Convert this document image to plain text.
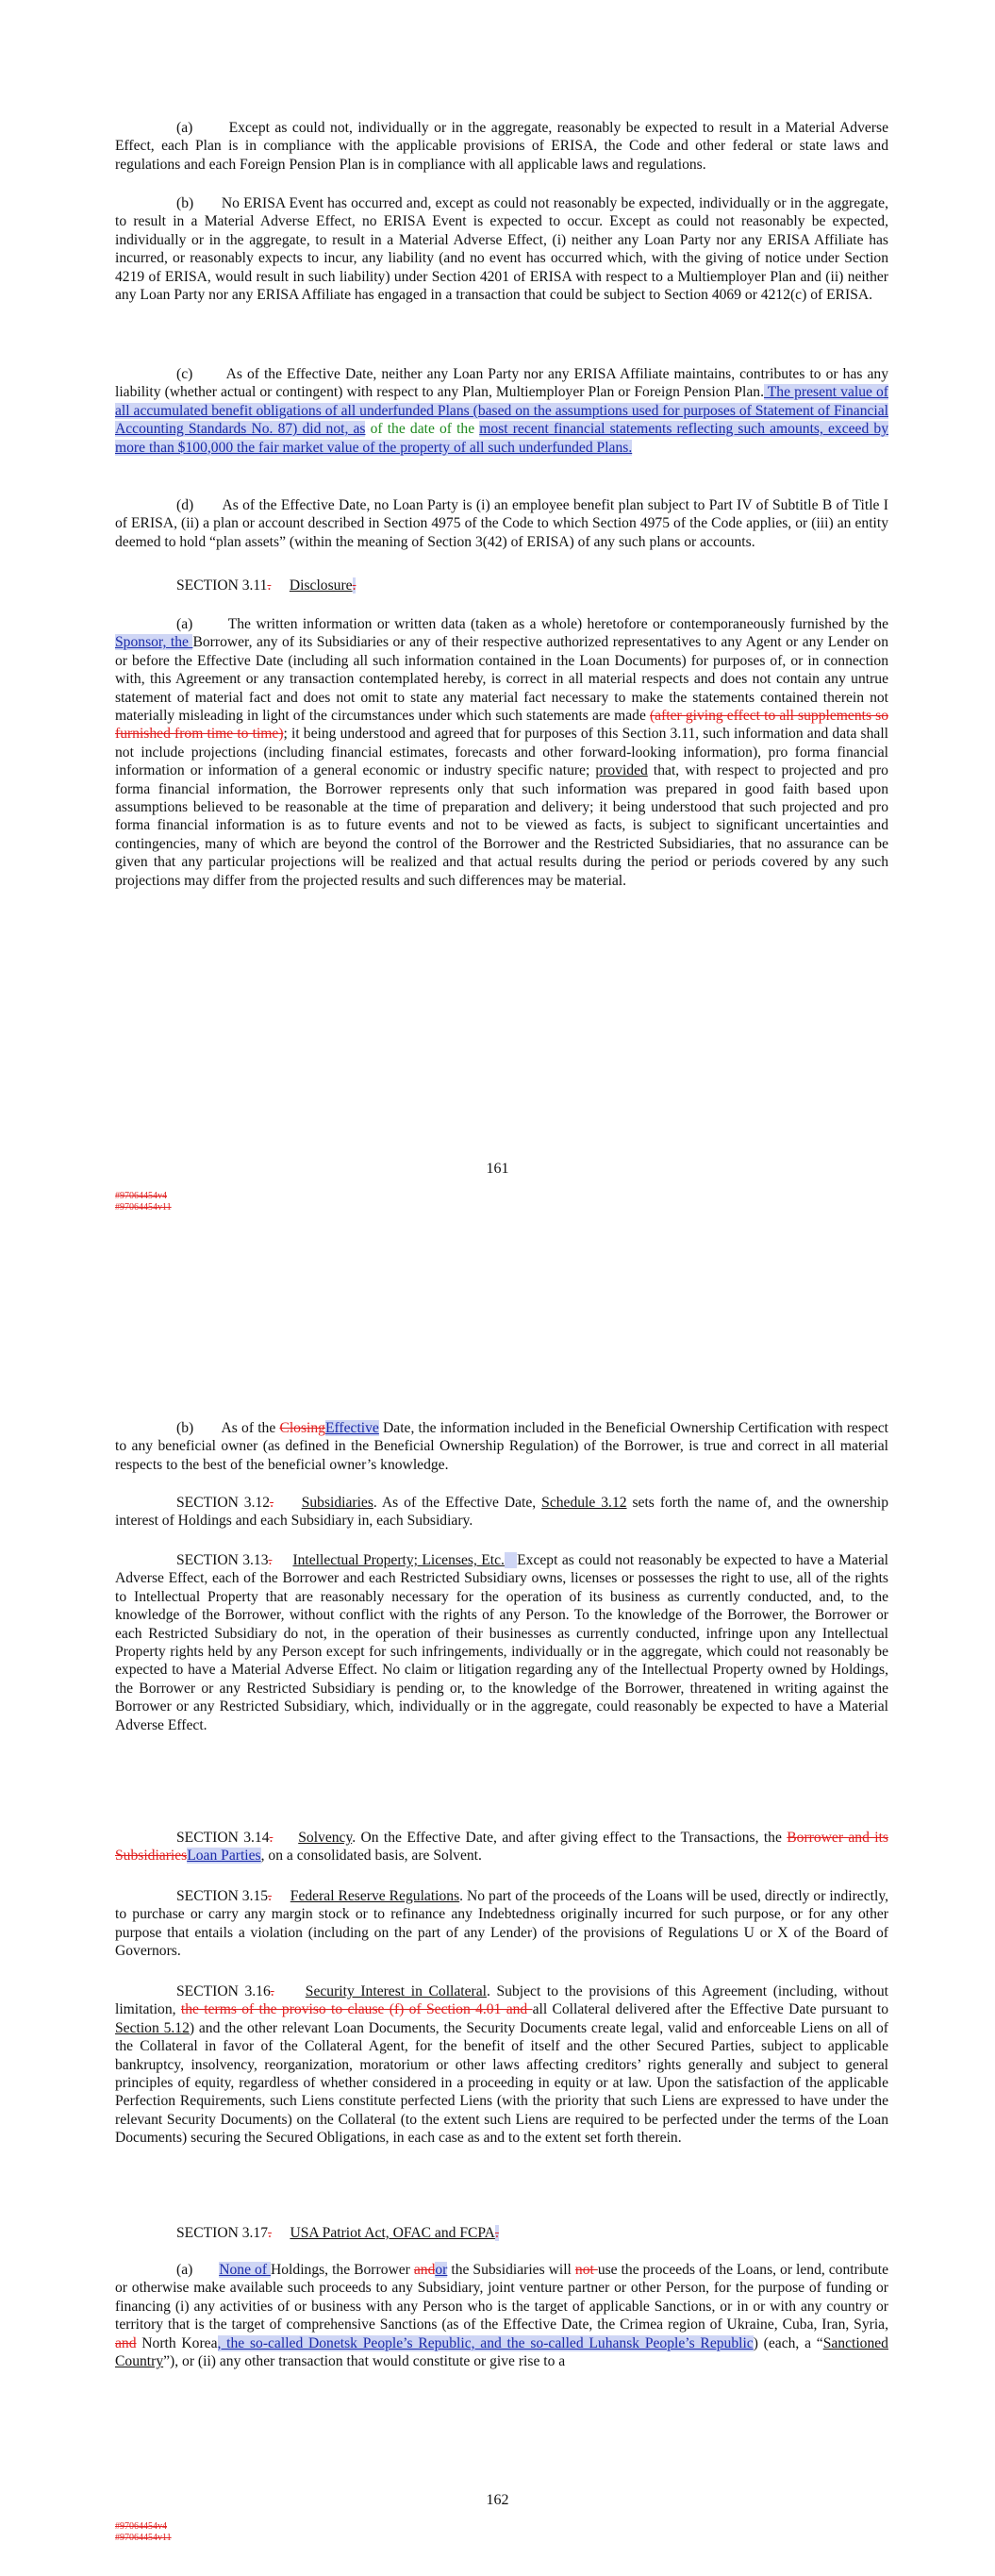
(a)       Except as could not, individually or in the aggregate, reasonably be expected to result in a Material Adverse Effect, each Plan is in compliance with the applicable provisions of ERISA, the Code and other federal or state laws and regulations and each Foreign Pension Plan is in compliance with all applicable laws and regulations.

(b)       No ERISA Event has occurred and, except as could not reasonably be expected, individually or in the aggregate, to result in a Material Adverse Effect, no ERISA Event is expected to occur. Except as could not reasonably be expected, individually or in the aggregate, to result in a Material Adverse Effect, (i) neither any Loan Party nor any ERISA Affiliate has incurred, or reasonably expects to incur, any liability (and no event has occurred which, with the giving of notice under Section 4219 of ERISA, would result in such liability) under Section 4201 of ERISA with respect to a Multiemployer Plan and (ii) neither any Loan Party nor any ERISA Affiliate has engaged in a transaction that could be subject to Section 4069 or 4212(c) of ERISA.

(c)       As of the Effective Date, neither any Loan Party nor any ERISA Affiliate maintains, contributes to or has any liability (whether actual or contingent) with respect to any Plan, Multiemployer Plan or Foreign Pension Plan. The present value of all accumulated benefit obligations of all underfunded Plans (based on the assumptions used for purposes of Statement of Financial Accounting Standards No. 87) did not, as of the date of the most recent financial statements reflecting such amounts, exceed by more than $100,000 the fair market value of the property of all such underfunded Plans.

(d)       As of the Effective Date, no Loan Party is (i) an employee benefit plan subject to Part IV of Subtitle B of Title I of ERISA, (ii) a plan or account described in Section 4975 of the Code to which Section 4975 of the Code applies, or (iii) an entity deemed to hold “plan assets” (within the meaning of Section 3(42) of ERISA) of any such plans or accounts.

SECTION 3.11. Disclosure.

(a)       The written information or written data (taken as a whole) heretofore or contemporaneously furnished by the Sponsor, the Borrower, any of its Subsidiaries or any of their respective authorized representatives to any Agent or any Lender on or before the Effective Date (including all such information contained in the Loan Documents) for purposes of, or in connection with, this Agreement or any transaction contemplated hereby, is correct in all material respects and does not contain any untrue statement of material fact and does not omit to state any material fact necessary to make the statements contained therein not materially misleading in light of the circumstances under which such statements are made (after giving effect to all supplements so furnished from time to time); it being understood and agreed that for purposes of this Section 3.11, such information and data shall not include projections (including financial estimates, forecasts and other forward-looking information), pro forma financial information or information of a general economic or industry specific nature; provided that, with respect to projected and pro forma financial information, the Borrower represents only that such information was prepared in good faith based upon assumptions believed to be reasonable at the time of preparation and delivery; it being understood that such projected and pro forma financial information is as to future events and not to be viewed as facts, is subject to significant uncertainties and contingencies, many of which are beyond the control of the Borrower and the Restricted Subsidiaries, that no assurance can be given that any particular projections will be realized and that actual results during the period or periods covered by any such projections may differ from the projected results and such differences may be material.

161
#97064454v4
#97064454v11

(b)       As of the ClosingEffective Date, the information included in the Beneficial Ownership Certification with respect to any beneficial owner (as defined in the Beneficial Ownership Regulation) of the Borrower, is true and correct in all material respects to the best of the beneficial owner’s knowledge.

SECTION 3.12. Subsidiaries. As of the Effective Date, Schedule 3.12 sets forth the name of, and the ownership interest of Holdings and each Subsidiary in, each Subsidiary.

SECTION 3.13. Intellectual Property; Licenses, Etc. Except as could not reasonably be expected to have a Material Adverse Effect, each of the Borrower and each Restricted Subsidiary owns, licenses or possesses the right to use, all of the rights to Intellectual Property that are reasonably necessary for the operation of its business as currently conducted, and, to the knowledge of the Borrower, without conflict with the rights of any Person. To the knowledge of the Borrower, the Borrower or each Restricted Subsidiary do not, in the operation of their businesses as currently conducted, infringe upon any Intellectual Property rights held by any Person except for such infringements, individually or in the aggregate, which could not reasonably be expected to have a Material Adverse Effect. No claim or litigation regarding any of the Intellectual Property owned by Holdings, the Borrower or any Restricted Subsidiary is pending or, to the knowledge of the Borrower, threatened in writing against the Borrower or any Restricted Subsidiary, which, individually or in the aggregate, could reasonably be expected to have a Material Adverse Effect.

SECTION 3.14. Solvency. On the Effective Date, and after giving effect to the Transactions, the Borrower and its SubsidiariesLoan Parties, on a consolidated basis, are Solvent.

SECTION 3.15. Federal Reserve Regulations. No part of the proceeds of the Loans will be used, directly or indirectly, to purchase or carry any margin stock or to refinance any Indebtedness originally incurred for such purpose, or for any other purpose that entails a violation (including on the part of any Lender) of the provisions of Regulations U or X of the Board of Governors.

SECTION 3.16. Security Interest in Collateral. Subject to the provisions of this Agreement (including, without limitation, the terms of the proviso to clause (f) of Section 4.01 and all Collateral delivered after the Effective Date pursuant to Section 5.12) and the other relevant Loan Documents, the Security Documents create legal, valid and enforceable Liens on all of the Collateral in favor of the Collateral Agent, for the benefit of itself and the other Secured Parties, subject to applicable bankruptcy, insolvency, reorganization, moratorium or other laws affecting creditors’ rights generally and subject to general principles of equity, regardless of whether considered in a proceeding in equity or at law. Upon the satisfaction of the applicable Perfection Requirements, such Liens constitute perfected Liens (with the priority that such Liens are expressed to have under the relevant Security Documents) on the Collateral (to the extent such Liens are required to be perfected under the terms of the Loan Documents) securing the Secured Obligations, in each case as and to the extent set forth therein.

SECTION 3.17. USA Patriot Act, OFAC and FCPA.

(a)       None of Holdings, the Borrower andor the Subsidiaries will not use the proceeds of the Loans, or lend, contribute or otherwise make available such proceeds to any Subsidiary, joint venture partner or other Person, for the purpose of funding or financing (i) any activities of or business with any Person who is the target of applicable Sanctions, or in or with any country or territory that is the target of comprehensive Sanctions (as of the Effective Date, the Crimea region of Ukraine, Cuba, Iran, Syria, and North Korea, the so-called Donetsk People’s Republic, and the so-called Luhansk People’s Republic) (each, a “Sanctioned Country”), or (ii) any other transaction that would constitute or give rise to a

162
#97064454v4
#97064454v11
